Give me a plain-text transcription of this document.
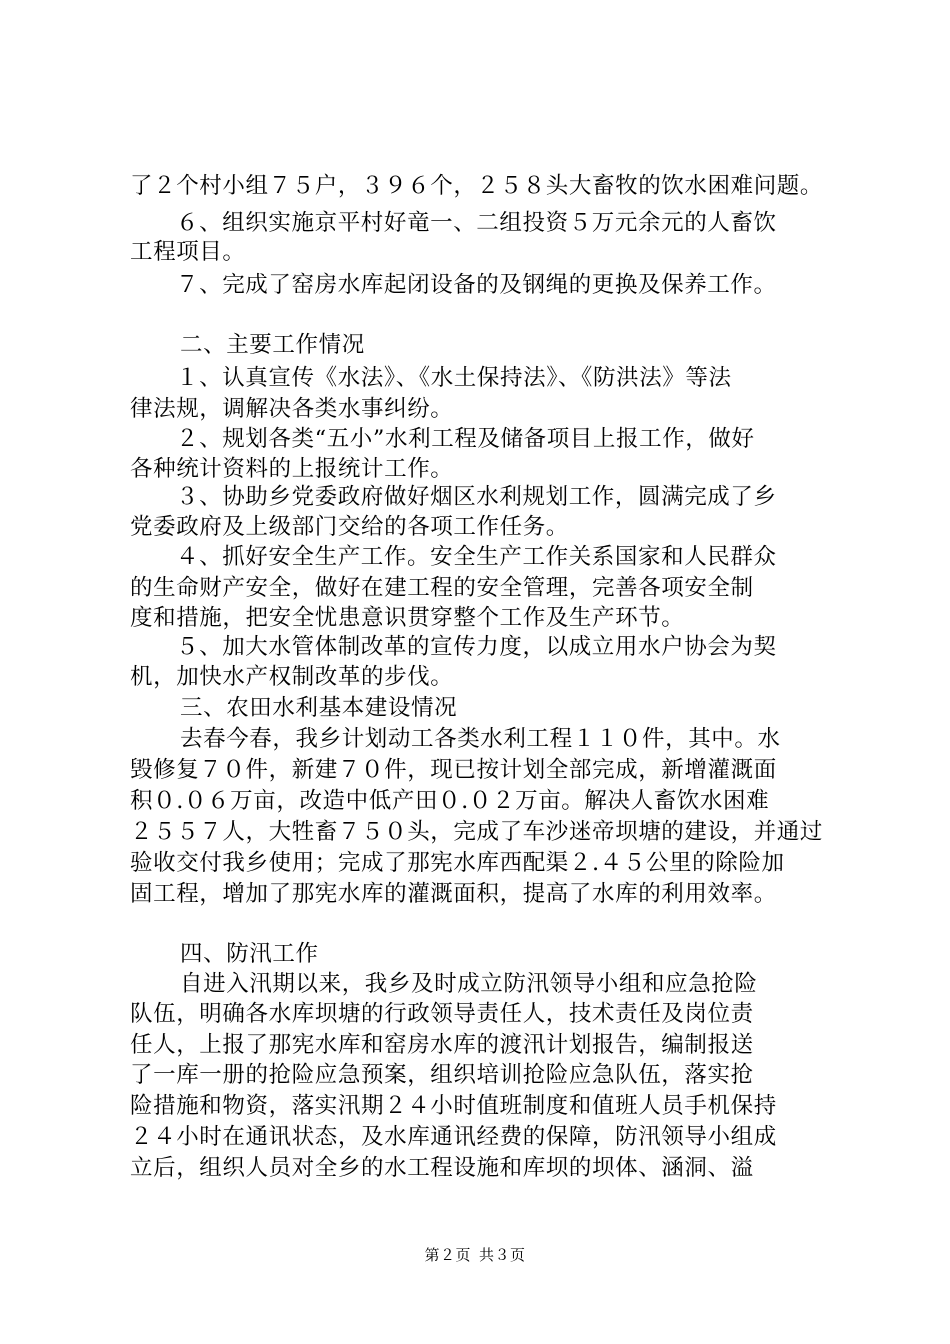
了２个村小组７５户，３９６个，２５８头大畜牧的饮水困难问题。
６、组织实施京平村好竜一、二组投资５万元余元的人畜饮
工程项目。
７、完成了窑房水库起闭设备的及钢绳的更换及保养工作。
二、主要工作情况
１、认真宣传《水法》、《水土保持法》、《防洪法》等法
律法规，调解决各类水事纠纷。
２、规划各类“五小”水利工程及储备项目上报工作，做好
各种统计资料的上报统计工作。
３、协助乡党委政府做好烟区水利规划工作，圆满完成了乡
党委政府及上级部门交给的各项工作任务。
４、抓好安全生产工作。安全生产工作关系国家和人民群众
的生命财产安全，做好在建工程的安全管理，完善各项安全制
度和措施，把安全忧患意识贯穿整个工作及生产环节。
５、加大水管体制改革的宣传力度，以成立用水户协会为契
机，加快水产权制改革的步伐。
三、农田水利基本建设情况
去春今春，我乡计划动工各类水利工程１１０件，其中。水
毁修复７０件，新建７０件，现已按计划全部完成，新增灌溉面
积０.０６万亩，改造中低产田０.０２万亩。解决人畜饮水困难
２５５７人，大牲畜７５０头，完成了车沙迷帝坝塘的建设，并通过
验收交付我乡使用；完成了那宪水库西配渠２.４５公里的除险加
固工程，增加了那宪水库的灌溉面积，提高了水库的利用效率。
四、防汛工作
自进入汛期以来，我乡及时成立防汛领导小组和应急抢险
队伍，明确各水库坝塘的行政领导责任人，技术责任及岗位责
任人，上报了那宪水库和窑房水库的渡汛计划报告，编制报送
了一库一册的抢险应急预案，组织培训抢险应急队伍，落实抢
险措施和物资，落实汛期２４小时值班制度和值班人员手机保持
２４小时在通讯状态，及水库通讯经费的保障，防汛领导小组成
立后，组织人员对全乡的水工程设施和库坝的坝体、涵洞、溢
第２页 共３页
